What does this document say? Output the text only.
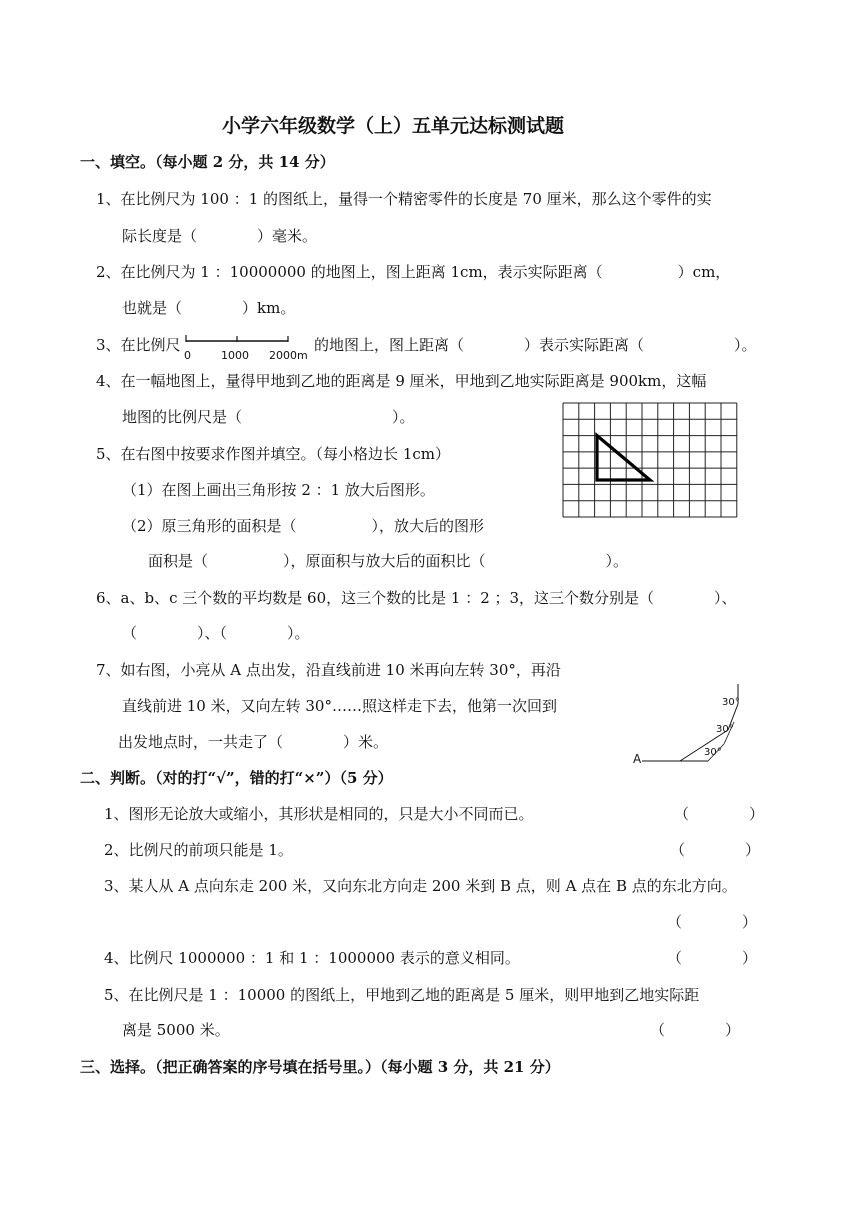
小学六年级数学（上）五单元达标测试题
一、填空。（每小题 2 分，共 14 分）
1、在比例尺为 100 ：1 的图纸上，量得一个精密零件的长度是 70 厘米，那么这个零件的实
际长度是（　　　　）毫米。
2、在比例尺为 1 ：10000000 的地图上，图上距离 1cm，表示实际距离（　　　　　）cm，
也就是（　　　　）km。
3、在比例尺
0	1000 2000m
的地图上，图上距离（　　　　）表示实际距离（　　　　　　）。
4、在一幅地图上，量得甲地到乙地的距离是 9 厘米，甲地到乙地实际距离是 900km，这幅
地图的比例尺是（　　　　　　　　　　）。
5、在右图中按要求作图并填空。（每小格边长 1cm）
（1）在图上画出三角形按 2 ：1 放大后图形。
（2）原三角形的面积是（　　　　　），放大后的图形
面积是（　　　　　），原面积与放大后的面积比（　　　　　　　　）。
6、a、b、c 三个数的平均数是 60，这三个数的比是 1 ：2 ；3，这三个数分别是（　　　　）、
（　　　　）、（　　　　）。
7、如右图，小亮从 A 点出发，沿直线前进 10 米再向左转 30°，再沿
直线前进 10 米，又向左转 30°……照这样走下去，他第一次回到
出发地点时，一共走了（　　　　）米。
A
30°
30°
30°
二、判断。（对的打“√”，错的打“×”）（5 分）
1、图形无论放大或缩小，其形状是相同的，只是大小不同而已。	（　　　　）
2、比例尺的前项只能是 1。	（　　　　）
3、某人从 A 点向东走 200 米，又向东北方向走 200 米到 B 点，则 A 点在 B 点的东北方向。
（　　　　）
4、比例尺 1000000 ：1 和 1 ：1000000 表示的意义相同。	（　　　　）
5、在比例尺是 1 ：10000 的图纸上，甲地到乙地的距离是 5 厘米，则甲地到乙地实际距
离是 5000 米。	（　　　　）
三、选择。（把正确答案的序号填在括号里。）（每小题 3 分，共 21 分）
